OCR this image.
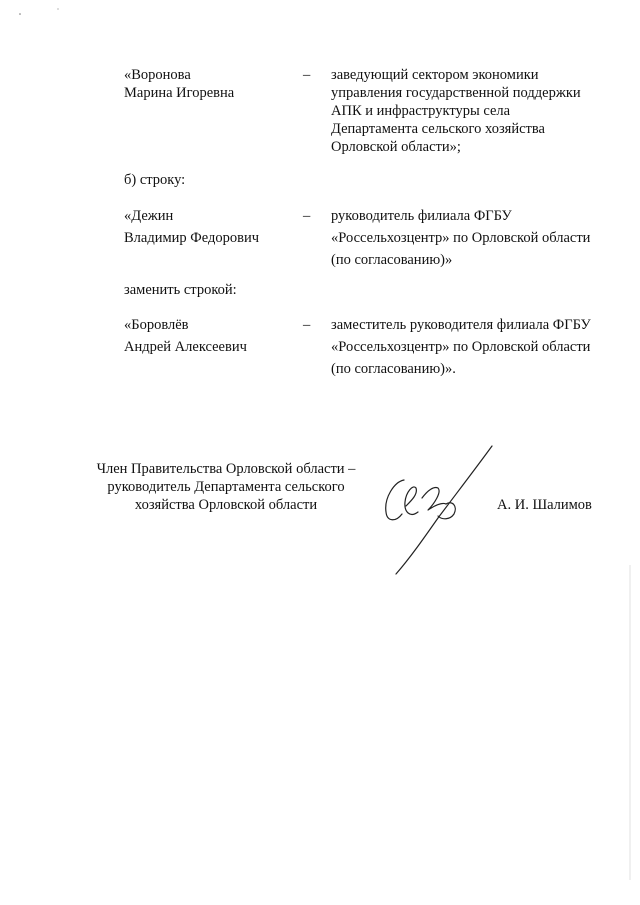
«Воронова
Марина Игоревна
– заведующий сектором экономики
управления государственной поддержки
АПК и инфраструктуры села
Департамента сельского хозяйства
Орловской области»;
б) строку:
«Дежин
Владимир Федорович
– руководитель филиала ФГБУ
«Россельхозцентр» по Орловской области
(по согласованию)»
заменить строкой:
«Боровлёв
Андрей Алексеевич
– заместитель руководителя филиала ФГБУ
«Россельхозцентр» по Орловской области
(по согласованию)».
Член Правительства Орловской области –
руководитель Департамента сельского
хозяйства Орловской области	А. И. Шалимов
